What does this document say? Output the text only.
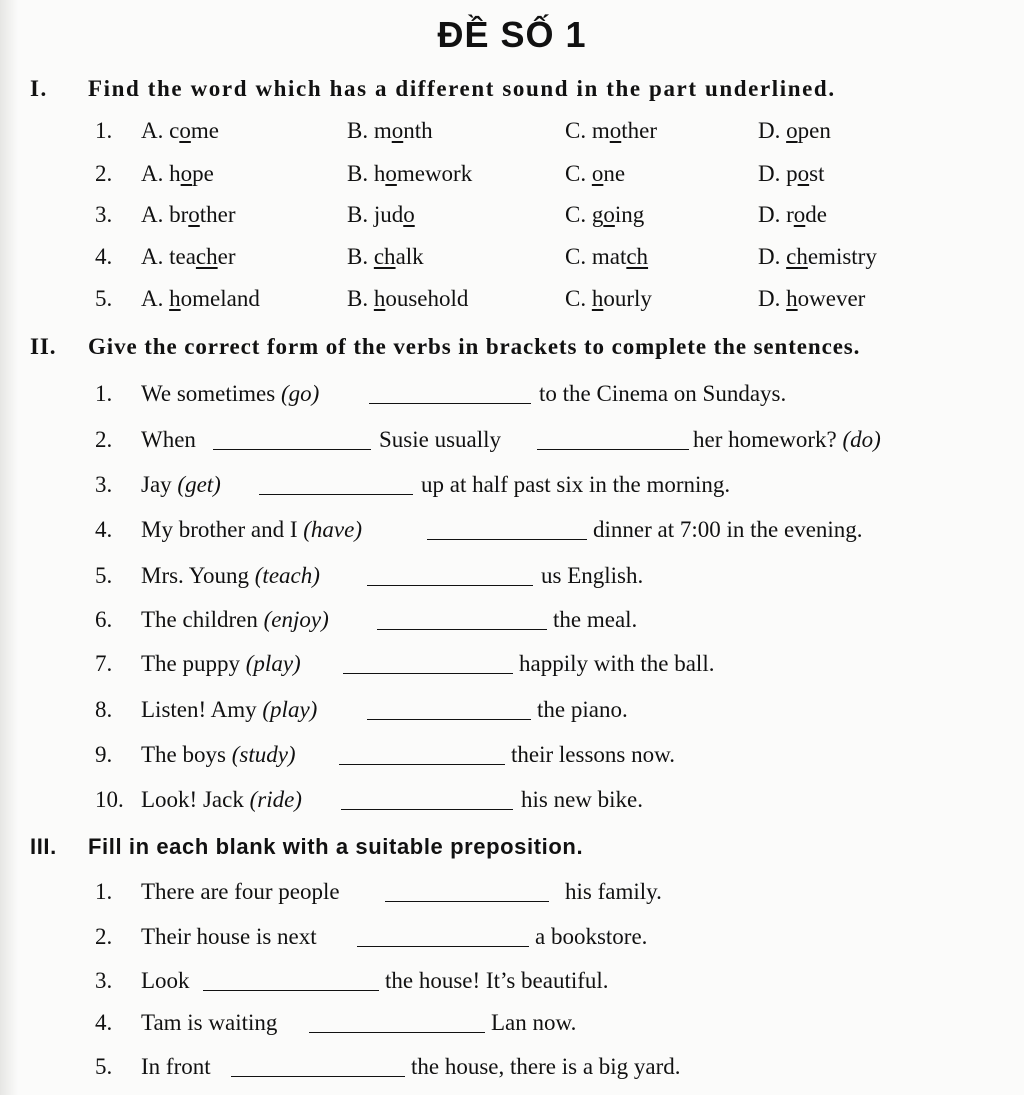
ĐỀ SỐ 1
I. Find the word which has a different sound in the part underlined.
1. A. come	B. month	C. mother	D. open
2. A. hope	B. homework	C. one	D. post
3. A. brother	B. judo	C. going	D. rode
4. A. teacher	B. chalk	C. match	D. chemistry
5. A. homeland	B. household	C. hourly	D. however
II. Give the correct form of the verbs in brackets to complete the sentences.
1. We sometimes (go)	to the Cinema on Sundays.
2. When	Susie usually	her homework? (do)
3. Jay (get)	up at half past six in the morning.
4. My brother and I (have)	dinner at 7:00 in the evening.
5. Mrs. Young (teach)	us English.
6. The children (enjoy)	the meal.
7. The puppy (play)	happily with the ball.
8. Listen! Amy (play)	the piano.
9. The boys (study)	their lessons now.
10. Look! Jack (ride)	his new bike.
III. Fill in each blank with a suitable preposition.
1. There are four people	his family.
2. Their house is next	a bookstore.
3. Look	the house! It’s beautiful.
4. Tam is waiting	Lan now.
5. In front	the house, there is a big yard.
